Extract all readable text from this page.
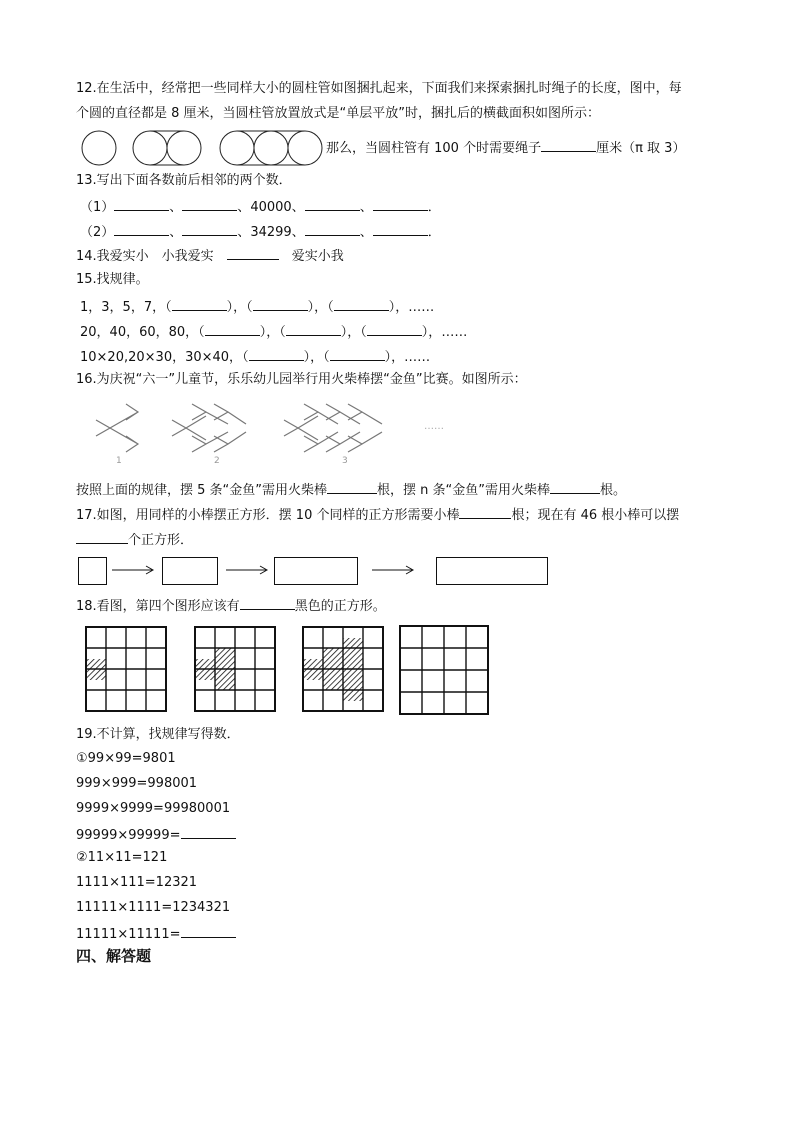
12.在生活中，经常把一些同样大小的圆柱管如图捆扎起来，下面我们来探索捆扎时绳子的长度，图中，每
个圆的直径都是 8 厘米，当圆柱管放置放式是“单层平放”时，捆扎后的横截面积如图所示：
那么，当圆柱管有 100 个时需要绳子	厘米（π 取 3）
13.写出下面各数前后相邻的两个数．
（1）	、	、40000、	、	．
（2）	、	、34299、	、	．
14.我爱实小　小我爱实　　	爱实小我
15.找规律。
1，3，5，7，（	），（	），（	），……
20，40，60，80，（	），（	），（	），……
10×20,20×30，30×40，（	），（	），……
16.为庆祝“六一”儿童节，乐乐幼儿园举行用火柴棒摆“金鱼”比赛。如图所示：
1	2	3
……
按照上面的规律，摆 5 条“金鱼”需用火柴棒	根，摆 n 条“金鱼”需用火柴棒	根。
17.如图，用同样的小棒摆正方形．摆 10 个同样的正方形需要小棒	根；现在有 46 根小棒可以摆
个正方形．
18.看图，第四个图形应该有	黑色的正方形。
19.不计算，找规律写得数．
①99×99=9801
999×999=998001
9999×9999=99980001
99999×99999=
②11×11=121
1111×111=12321
11111×1111=1234321
11111×11111=
四、解答题
